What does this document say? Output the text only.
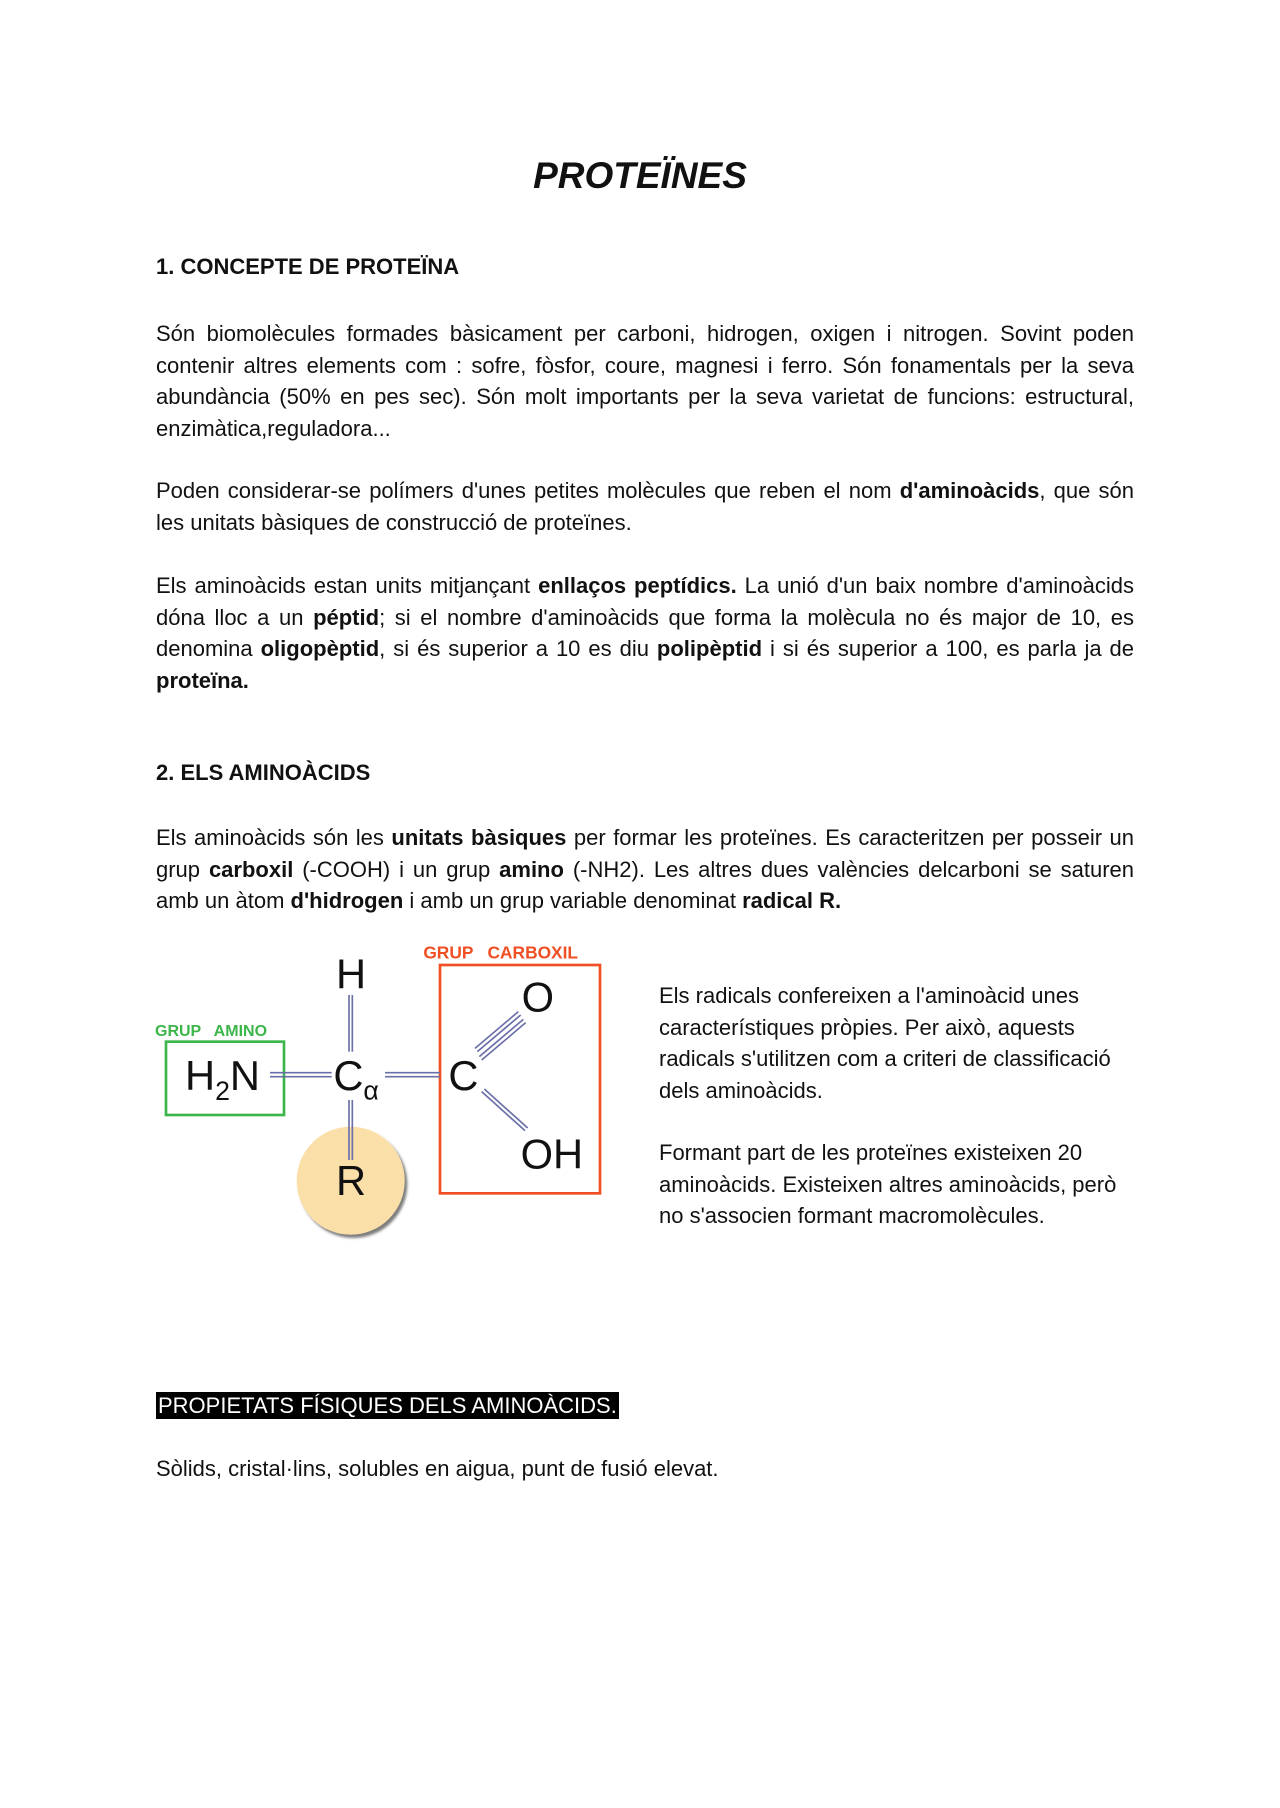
PROTEÏNES
1. CONCEPTE DE PROTEÏNA

Són biomolècules formades bàsicament per carboni, hidrogen, oxigen i nitrogen. Sovint poden contenir altres elements com : sofre, fòsfor, coure, magnesi i ferro. Són fonamentals per la seva abundància (50% en pes sec). Són molt importants per la seva varietat de funcions: estructural, enzimàtica,reguladora...

Poden considerar-se polímers d'unes petites molècules que reben el nom d'aminoàcids, que són les unitats bàsiques de construcció de proteïnes.

Els aminoàcids estan units mitjançant enllaços peptídics. La unió d'un baix nombre d'aminoàcids dóna lloc a un péptid; si el nombre d'aminoàcids que forma la molècula no és major de 10, es denomina oligopèptid, si és superior a 10 es diu polipèptid i si és superior a 100, es parla ja de proteïna.

2. ELS AMINOÀCIDS

Els aminoàcids són les unitats bàsiques per formar les proteïnes. Es caracteritzen per posseir un grup carboxil (-COOH) i un grup amino (-NH2). Les altres dues valències delcarboni se saturen amb un àtom d'hidrogen i amb un grup variable denominat radical R.

GRUP   CARBOXIL
GRUP   AMINO
$H_2N$ $C_\alpha$
H
C
O
OH
R

Els radicals confereixen a l'aminoàcid unes característiques pròpies. Per això, aquests radicals s'utilitzen com a criteri de classificació dels aminoàcids.

Formant part de les proteïnes existeixen 20 aminoàcids. Existeixen altres aminoàcids, però no s'associen formant macromolècules.

PROPIETATS FÍSIQUES DELS AMINOÀCIDS.

Sòlids, cristal·lins, solubles en aigua, punt de fusió elevat.
